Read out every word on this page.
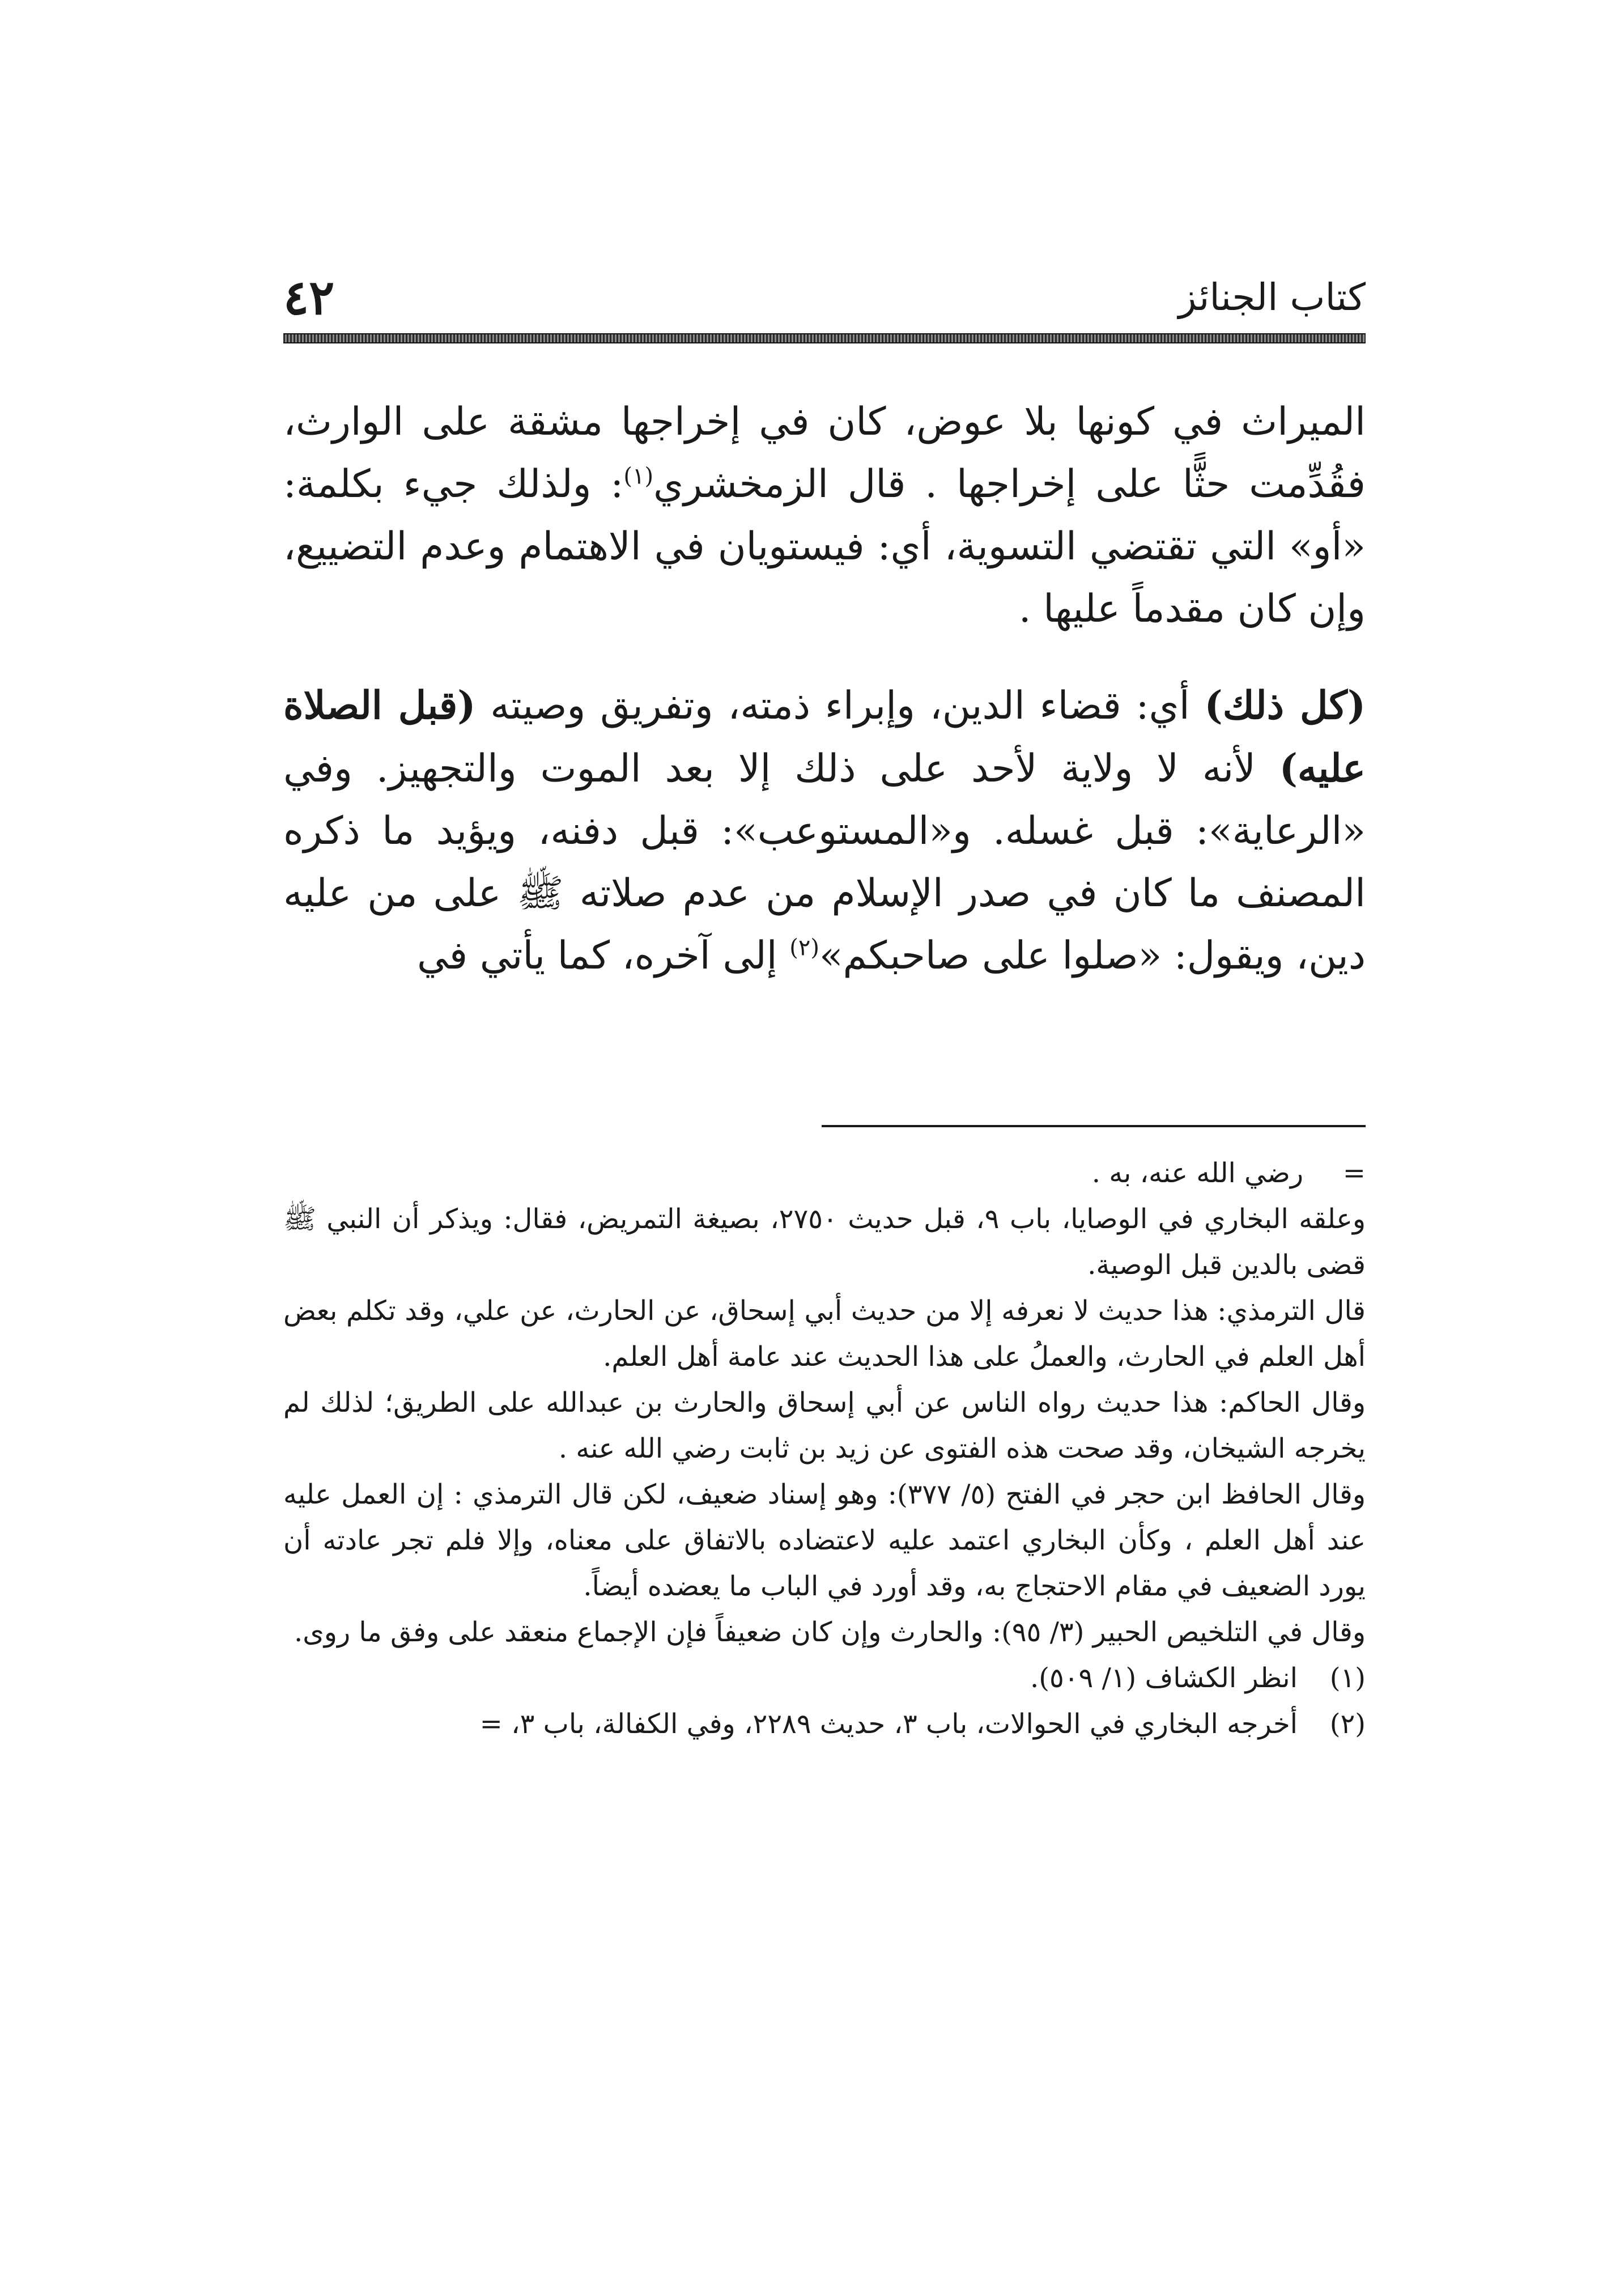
كتاب الجنائز
٤٢

الميراث في كونها بلا عوض، كان في إخراجها مشقة على الوارث، فقُدِّمت حثًّا على إخراجها . قال الزمخشري$^{(١)}$: ولذلك جيء بكلمة: «أو» التي تقتضي التسوية، أي: فيستويان في الاهتمام وعدم التضييع، وإن كان مقدماً عليها .

(كل ذلك) أي: قضاء الدين، وإبراء ذمته، وتفريق وصيته (قبل الصلاة عليه) لأنه لا ولاية لأحد على ذلك إلا بعد الموت والتجهيز. وفي «الرعاية»: قبل غسله. و«المستوعب»: قبل دفنه، ويؤيد ما ذكره المصنف ما كان في صدر الإسلام من عدم صلاته ﷺ على من عليه دين، ويقول: «صلوا على صاحبكم»$^{(٢)}$ إلى آخره، كما يأتي في

=
رضي الله عنه، به .

وعلقه البخاري في الوصايا، باب ٩، قبل حديث ٢٧٥٠، بصيغة التمريض، فقال: ويذكر أن النبي ﷺ قضى بالدين قبل الوصية.

قال الترمذي: هذا حديث لا نعرفه إلا من حديث أبي إسحاق، عن الحارث، عن علي، وقد تكلم بعض أهل العلم في الحارث، والعملُ على هذا الحديث عند عامة أهل العلم.

وقال الحاكم: هذا حديث رواه الناس عن أبي إسحاق والحارث بن عبدالله على الطريق؛ لذلك لم يخرجه الشيخان، وقد صحت هذه الفتوى عن زيد بن ثابت رضي الله عنه .

وقال الحافظ ابن حجر في الفتح (٥/ ٣٧٧): وهو إسناد ضعيف، لكن قال الترمذي : إن العمل عليه عند أهل العلم ، وكأن البخاري اعتمد عليه لاعتضاده بالاتفاق على معناه، وإلا فلم تجر عادته أن يورد الضعيف في مقام الاحتجاج به، وقد أورد في الباب ما يعضده أيضاً.

وقال في التلخيص الحبير (٣/ ٩٥): والحارث وإن كان ضعيفاً فإن الإجماع منعقد على وفق ما روى.

(١)
انظر الكشاف (١/ ٥٠٩).
(٢)
أخرجه البخاري في الحوالات، باب ٣، حديث ٢٢٨٩، وفي الكفالة، باب ٣، =
